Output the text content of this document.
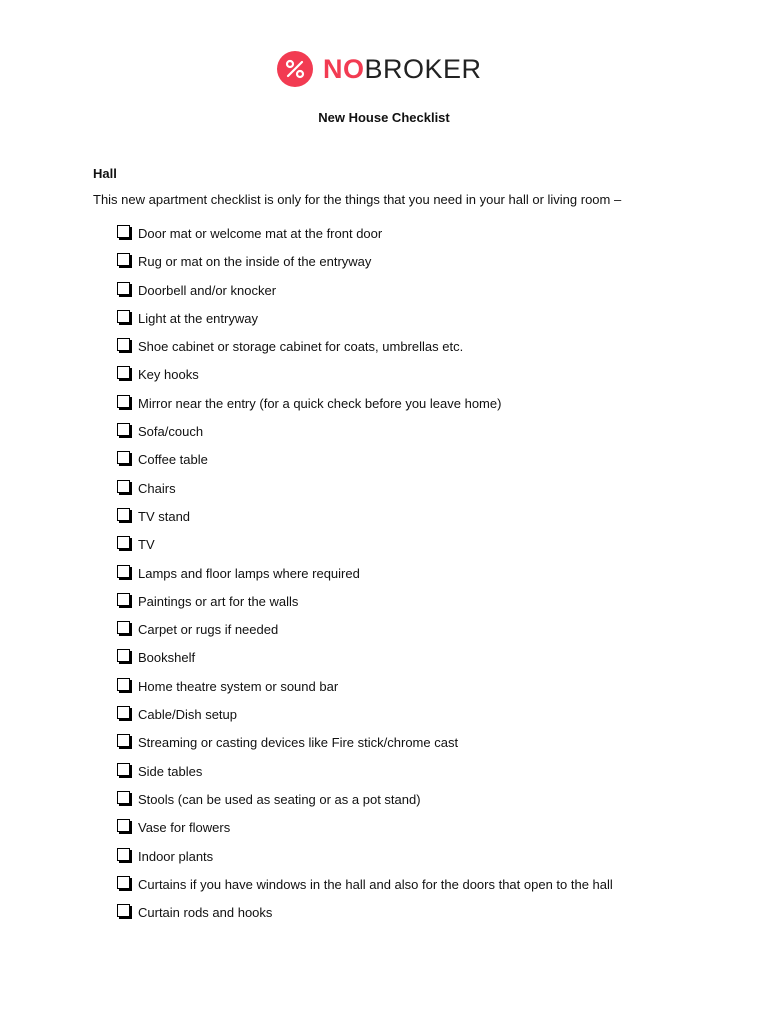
NOBROKER
New House Checklist
Hall
This new apartment checklist is only for the things that you need in your hall or living room –
Door mat or welcome mat at the front door
Rug or mat on the inside of the entryway
Doorbell and/or knocker
Light at the entryway
Shoe cabinet or storage cabinet for coats, umbrellas etc.
Key hooks
Mirror near the entry (for a quick check before you leave home)
Sofa/couch
Coffee table
Chairs
TV stand
TV
Lamps and floor lamps where required
Paintings or art for the walls
Carpet or rugs if needed
Bookshelf
Home theatre system or sound bar
Cable/Dish setup
Streaming or casting devices like Fire stick/chrome cast
Side tables
Stools (can be used as seating or as a pot stand)
Vase for flowers
Indoor plants
Curtains if you have windows in the hall and also for the doors that open to the hall
Curtain rods and hooks
